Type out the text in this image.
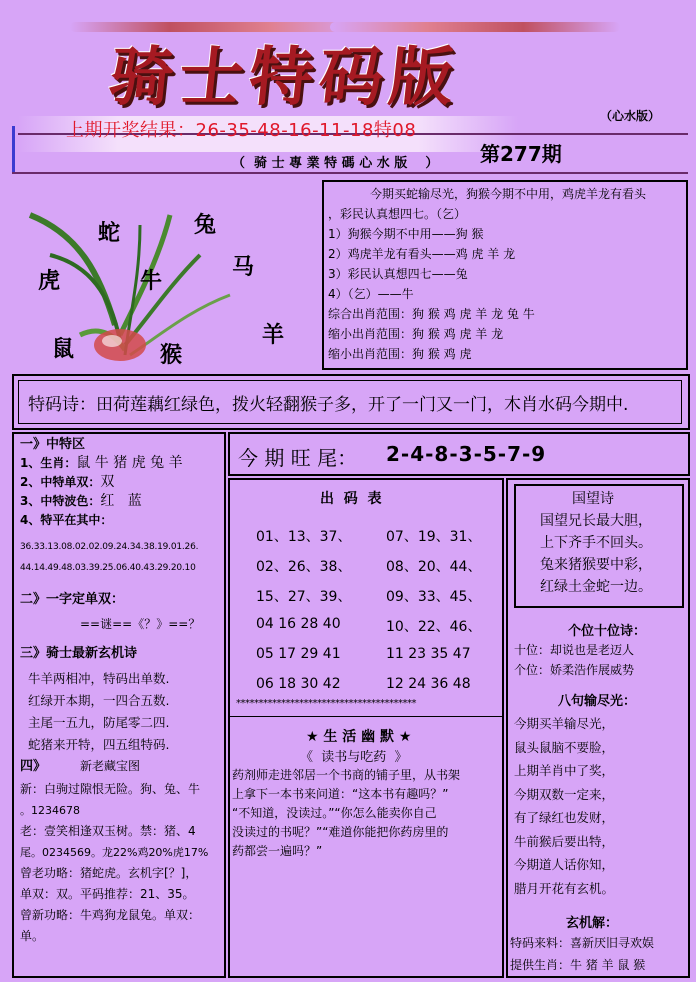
骑士特码版
（心水版）
上期开奖结果：26-35-48-16-11-18特08
（  骑 士 專 業 特 碼 心 水 版    ） 第277期
蛇	兔
虎	牛
马
鼠	猴
羊
今期买蛇输尽光，狗猴今期不中用，鸡虎羊龙有看头
，彩民认真想四七。（乞）
1）狗猴今期不中用——狗 猴
2）鸡虎羊龙有看头——鸡 虎 羊 龙
3）彩民认真想四七——兔
4）（乞）——牛
综合出肖范围：狗 猴 鸡 虎 羊 龙 兔 牛
缩小出肖范围：狗 猴 鸡 虎 羊 龙
缩小出肖范围：狗 猴 鸡 虎
特码诗：田荷莲藕红绿色，拨火轻翻猴子多，开了一门又一门，木肖水码今期中.
一》中特区
1、生肖： 鼠 牛 猪 虎 兔 羊
2、中特单双： 双
3、中特波色： 红   蓝
4、特平在其中：
36.33.13.08.02.02.09.24.34.38.19.01.26.
44.14.49.48.03.39.25.06.40.43.29.20.10
二》一字定单双：
==谜==《？》==？
三》骑士最新玄机诗
牛羊两相冲，特码出单数.
红绿开本期，一四合五数.
主尾一五九，防尾零二四.
蛇猪来开特，四五组特码.
四》	新老藏宝图
新：白驹过隙恨无险。狗、兔、牛
。1234678
老：壹笑相逢双玉树。禁：猪、4
尾。0234569。龙22%鸡20%虎17%
曾老功略：猪蛇虎。玄机字[？]，
单双：双。平码推荐：21、35。
曾新功略：牛鸡狗龙鼠兔。单双：
单。
今 期 旺 尾： 2-4-8-3-5-7-9
出  码  表
01、13、37、	07、19、31、
02、26、38、	08、20、44、
15、27、39、	09、33、45、
04 16 28 40	10、22、46、
05 17 29 41	11 23 35 47
06 18 30 42	12 24 36 48
****************************************
★ 生 活 幽 默 ★
《  读书与吃药  》
药剂师走进邻居一个书商的铺子里，从书架
上拿下一本书来问道：“这本书有趣吗？”
“不知道，没读过。”“你怎么能卖你自己
没读过的书呢？”“难道你能把你药房里的
药都尝一遍吗？”
国望诗
国望兄长最大胆，
上下齐手不回头。
兔来猪猴要中彩，
红绿土金蛇一边。
个位十位诗：
十位：却说也是老迈人
个位：娇柔浩作展威势
八句输尽光：
今期买羊输尽光，
鼠头鼠脑不要脸，
上期羊肖中了奖，
今期双数一定来，
有了绿红也发财，
牛前猴后要出特，
今期道人话你知，
腊月开花有玄机。
玄机解：
特码来料：喜新厌旧寻欢娱
提供生肖：牛 猪 羊 鼠 猴
